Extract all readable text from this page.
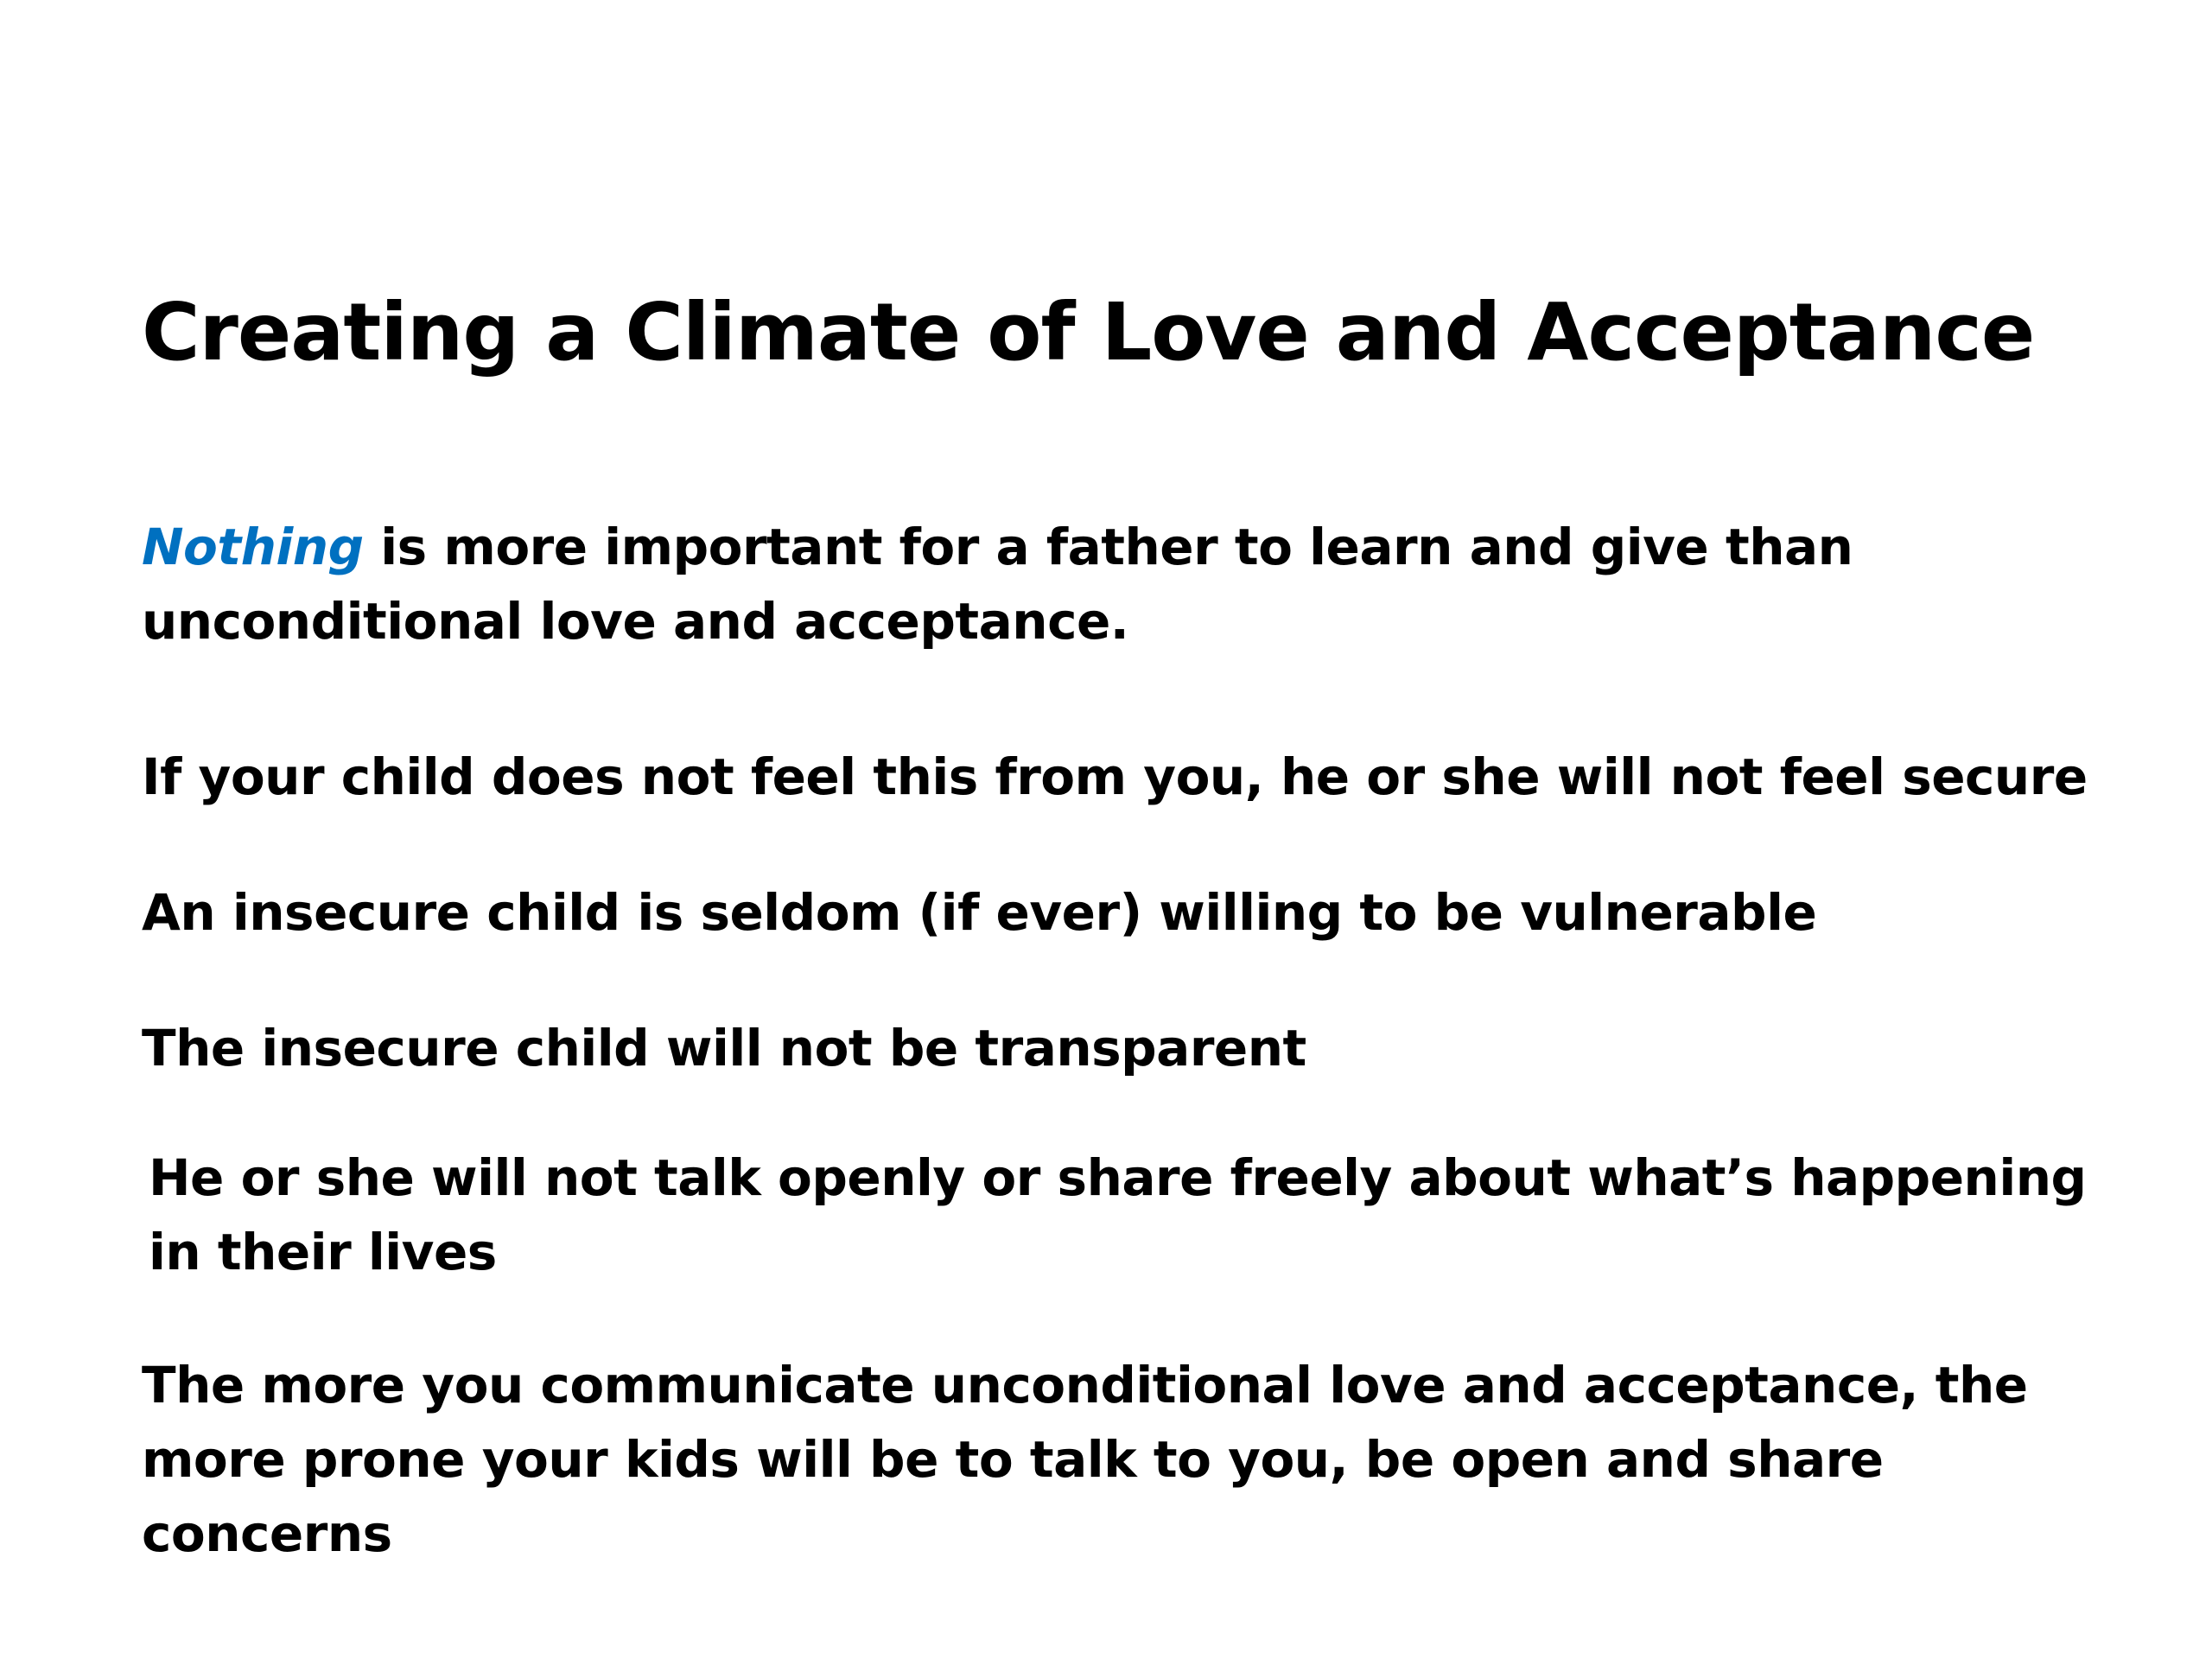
Creating a Climate of Love and Acceptance
Nothing is more important for a father to learn and give than unconditional love and acceptance.
If your child does not feel this from you, he or she will not feel secure
An insecure child is seldom (if ever) willing to be vulnerable
The insecure child will not be transparent
He or she will not talk openly or share freely about what’s happening in their lives
The more you communicate unconditional love and acceptance, the more prone your kids will be to talk to you, be open and share concerns
